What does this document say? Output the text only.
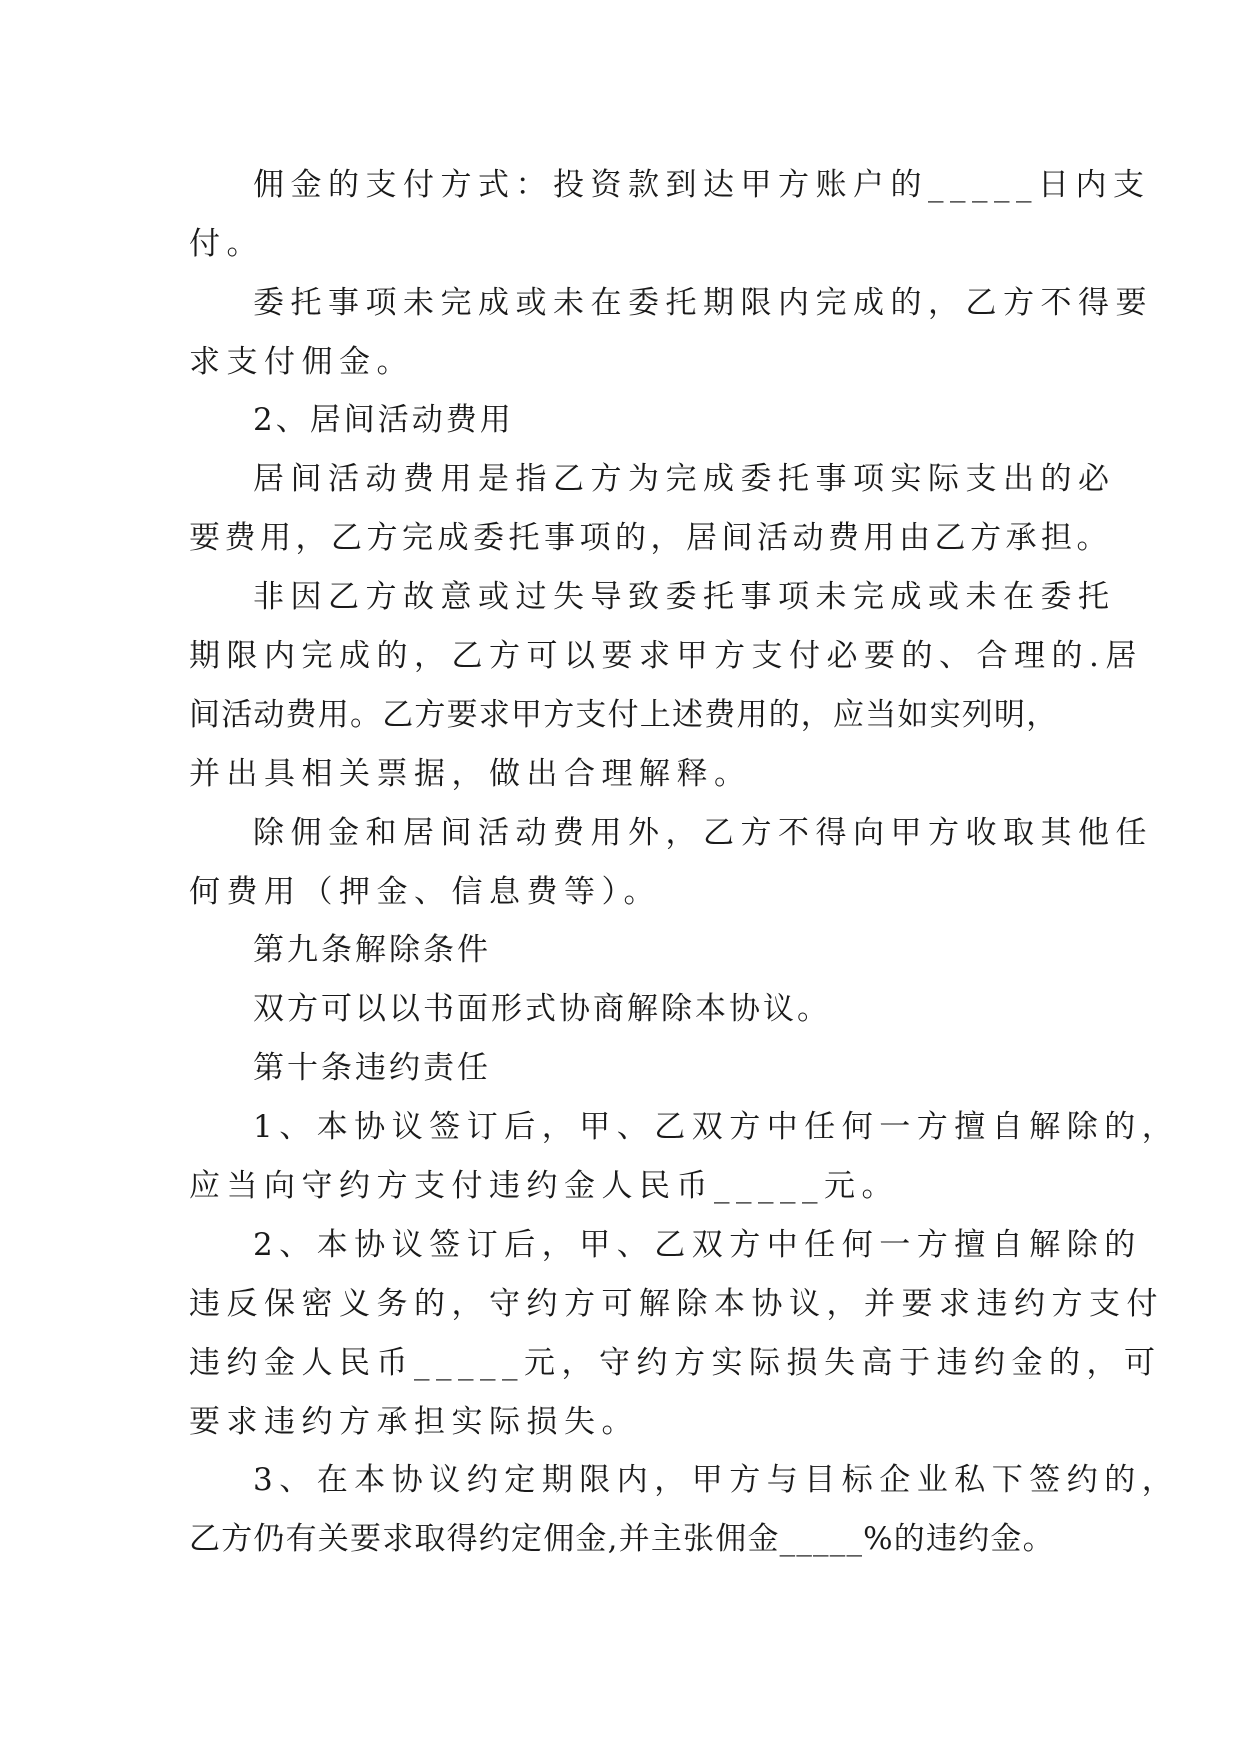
佣金的支付方式：投资款到达甲方账户的_____日内支
付。
委托事项未完成或未在委托期限内完成的，乙方不得要
求支付佣金。
2、居间活动费用
居间活动费用是指乙方为完成委托事项实际支出的必
要费用，乙方完成委托事项的，居间活动费用由乙方承担。
非因乙方故意或过失导致委托事项未完成或未在委托
期限内完成的，乙方可以要求甲方支付必要的、合理的.居
间活动费用。乙方要求甲方支付上述费用的，应当如实列明，
并出具相关票据，做出合理解释。
除佣金和居间活动费用外，乙方不得向甲方收取其他任
何费用（押金、信息费等）。
第九条解除条件
双方可以以书面形式协商解除本协议。
第十条违约责任
1、本协议签订后，甲、乙双方中任何一方擅自解除的，
应当向守约方支付违约金人民币_____元。
2、本协议签订后，甲、乙双方中任何一方擅自解除的
违反保密义务的，守约方可解除本协议，并要求违约方支付
违约金人民币_____元，守约方实际损失高于违约金的，可
要求违约方承担实际损失。
3、在本协议约定期限内，甲方与目标企业私下签约的，
乙方仍有关要求取得约定佣金,并主张佣金_____%的违约金。
